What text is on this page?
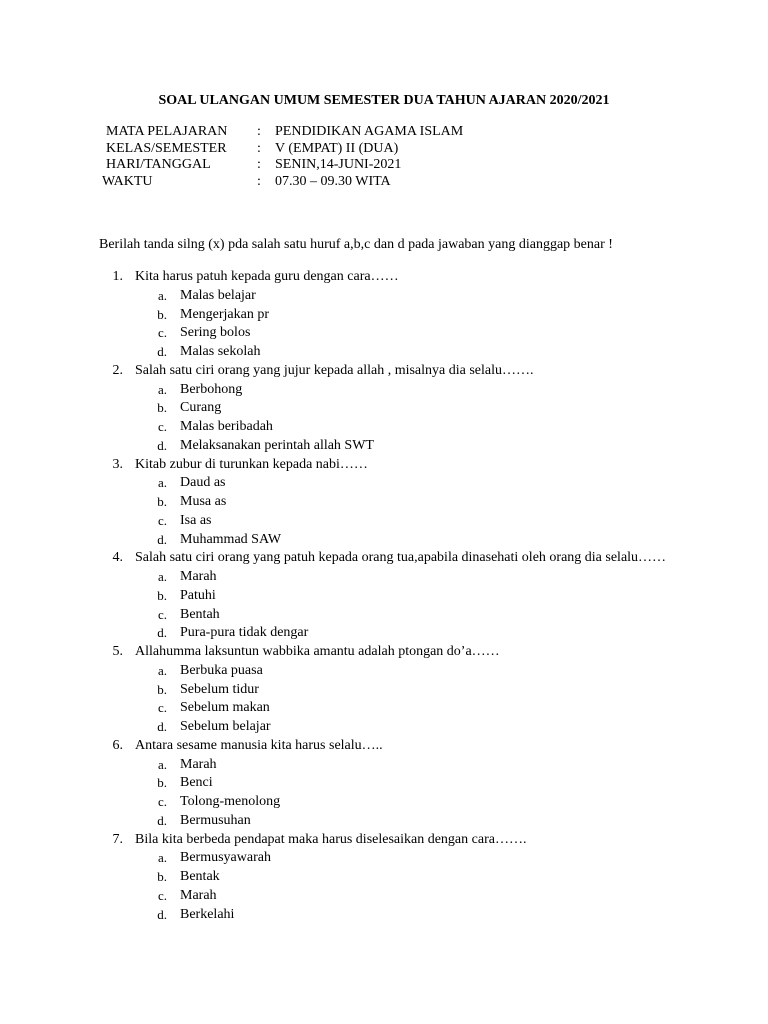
SOAL ULANGAN UMUM SEMESTER DUA TAHUN AJARAN 2020/2021
MATA PELAJARAN : PENDIDIKAN AGAMA ISLAM
KELAS/SEMESTER : V (EMPAT) II (DUA)
HARI/TANGGAL	: SENIN,14-JUNI-2021
WAKTU	: 07.30 – 09.30 WITA
Berilah tanda silng (x) pda salah satu huruf a,b,c dan d pada jawaban yang dianggap benar !
1. Kita harus patuh kepada guru dengan cara……
a. Malas belajar
b. Mengerjakan pr
c. Sering bolos
d. Malas sekolah
2. Salah satu ciri orang yang jujur kepada allah , misalnya dia selalu…….
a. Berbohong
b. Curang
c. Malas beribadah
d. Melaksanakan perintah allah SWT
3. Kitab zubur di turunkan kepada nabi……
a. Daud as
b. Musa as
c. Isa as
d. Muhammad SAW
4. Salah satu ciri orang yang patuh kepada orang tua,apabila dinasehati oleh orang dia selalu……
a. Marah
b. Patuhi
c. Bentah
d. Pura-pura tidak dengar
5. Allahumma laksuntun wabbika amantu adalah ptongan do’a……
a. Berbuka puasa
b. Sebelum tidur
c. Sebelum makan
d. Sebelum belajar
6. Antara sesame manusia kita harus selalu…..
a. Marah
b. Benci
c. Tolong-menolong
d. Bermusuhan
7. Bila kita berbeda pendapat maka harus diselesaikan dengan cara…….
a. Bermusyawarah
b. Bentak
c. Marah
d. Berkelahi
